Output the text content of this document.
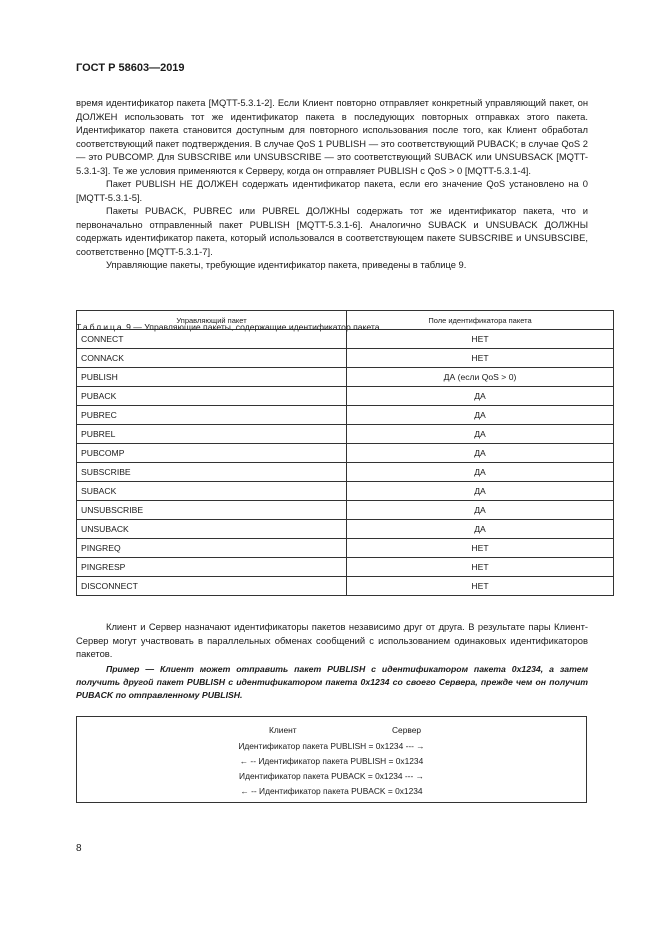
ГОСТ Р 58603—2019

время идентификатор пакета [MQTT-5.3.1-2]. Если Клиент повторно отправляет конкретный управляющий пакет, он ДОЛЖЕН использовать тот же идентификатор пакета в последующих повторных отправках этого пакета. Идентификатор пакета становится доступным для повторного использования после того, как Клиент обработал соответствующий пакет подтверждения. В случае QoS 1 PUBLISH — это соответствующий PUBACK; в случае QoS 2 — это PUBCOMP. Для SUBSCRIBE или UNSUBSCRIBE — это соответствующий SUBACK или UNSUBSACK [MQTT-5.3.1-3]. Те же условия применяются к Серверу, когда он отправляет PUBLISH с QoS > 0 [MQTT-5.3.1-4].

Пакет PUBLISH НЕ ДОЛЖЕН содержать идентификатор пакета, если его значение QoS установлено на 0 [MQTT-5.3.1-5].

Пакеты PUBACK, PUBREC или PUBREL ДОЛЖНЫ содержать тот же идентификатор пакета, что и первоначально отправленный пакет PUBLISH [MQTT-5.3.1-6]. Аналогично SUBACK и UNSUBACK ДОЛЖНЫ содержать идентификатор пакета, который использовался в соответствующем пакете SUBSCRIBE и UNSUBSCIBE, соответственно [MQTT-5.3.1-7].

Управляющие пакеты, требующие идентификатор пакета, приведены в таблице 9.

Таблица 9 — Управляющие пакеты, содержащие идентификатор пакета
Управляющий пакет	Поле идентификатора пакета
CONNECT	НЕТ
CONNACK	НЕТ
PUBLISH	ДА (если QoS > 0)
PUBACK	ДА
PUBREC	ДА
PUBREL	ДА
PUBCOMP	ДА
SUBSCRIBE	ДА
SUBACK	ДА
UNSUBSCRIBE	ДА
UNSUBACK	ДА
PINGREQ	НЕТ
PINGRESP	НЕТ
DISCONNECT	НЕТ

Клиент и Сервер назначают идентификаторы пакетов независимо друг от друга. В результате пары Клиент-Сервер могут участвовать в параллельных обменах сообщений с использованием одинаковых идентификаторов пакетов.

Пример — Клиент может отправить пакет PUBLISH с идентификатором пакета 0x1234, а затем получить другой пакет PUBLISH с идентификатором пакета 0x1234 со своего Сервера, прежде чем он получит PUBACK по отправленному PUBLISH.
Клиент	Сервер
Идентификатор пакета PUBLISH = 0x1234 --- →
← -- Идентификатор пакета PUBLISH = 0x1234
Идентификатор пакета PUBACK = 0x1234 --- →
← -- Идентификатор пакета PUBACK = 0x1234
8
